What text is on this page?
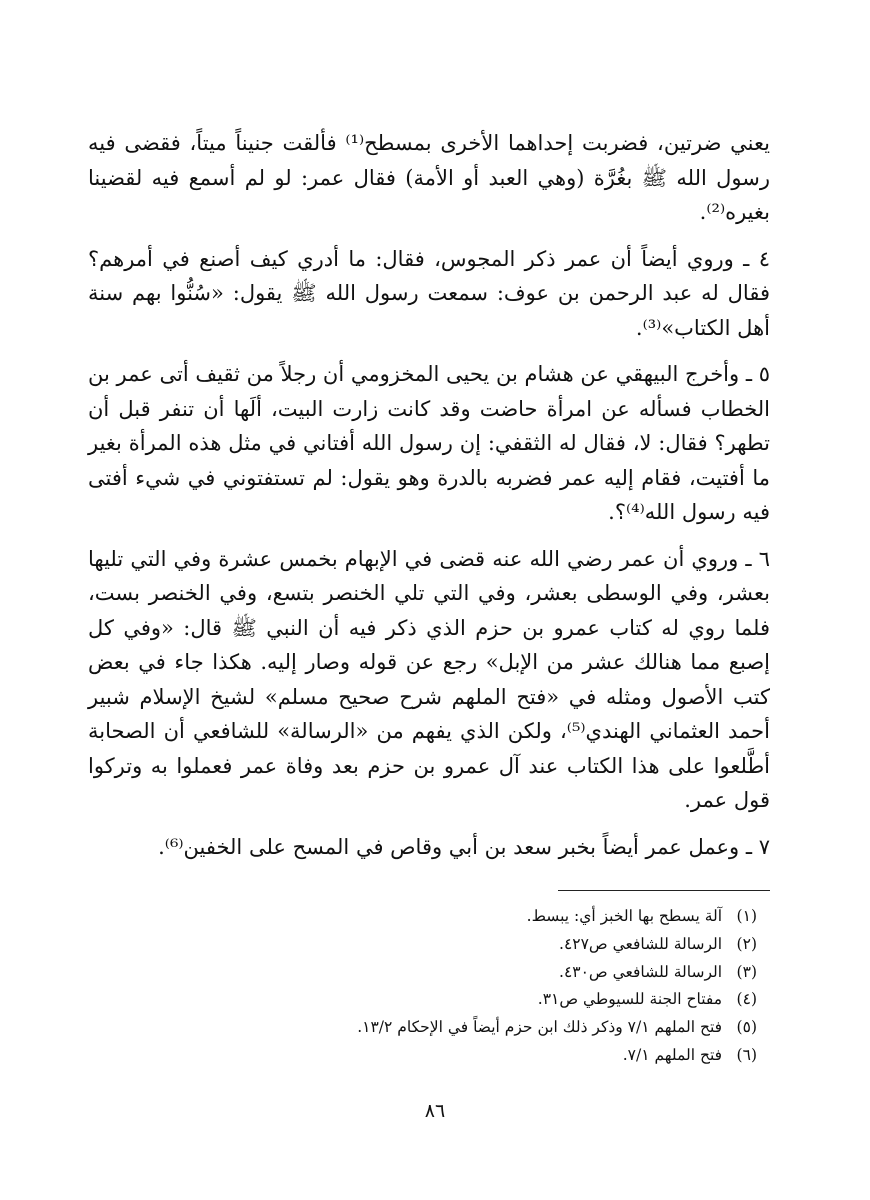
يعني ضرتين، فضربت إحداهما الأخرى بمسطح⁽¹⁾ فألقت جنيناً ميتاً، فقضى فيه رسول الله ﷺ بغُرَّة (وهي العبد أو الأمة) فقال عمر: لو لم أسمع فيه لقضينا بغيره⁽²⁾.

٤ ـ وروي أيضاً أن عمر ذكر المجوس، فقال: ما أدري كيف أصنع في أمرهم؟ فقال له عبد الرحمن بن عوف: سمعت رسول الله ﷺ يقول: «سُنُّوا بهم سنة أهل الكتاب»⁽³⁾.

٥ ـ وأخرج البيهقي عن هشام بن يحيى المخزومي أن رجلاً من ثقيف أتى عمر بن الخطاب فسأله عن امرأة حاضت وقد كانت زارت البيت، ألَها أن تنفر قبل أن تطهر؟ فقال: لا، فقال له الثقفي: إن رسول الله أفتاني في مثل هذه المرأة بغير ما أفتيت، فقام إليه عمر فضربه بالدرة وهو يقول: لم تستفتوني في شيء أفتى فيه رسول الله⁽⁴⁾؟.

٦ ـ وروي أن عمر رضي الله عنه قضى في الإبهام بخمس عشرة وفي التي تليها بعشر، وفي الوسطى بعشر، وفي التي تلي الخنصر بتسع، وفي الخنصر بست، فلما روي له كتاب عمرو بن حزم الذي ذكر فيه أن النبي ﷺ قال: «وفي كل إصبع مما هنالك عشر من الإبل» رجع عن قوله وصار إليه. هكذا جاء في بعض كتب الأصول ومثله في «فتح الملهم شرح صحيح مسلم» لشيخ الإسلام شبير أحمد العثماني الهندي⁽⁵⁾، ولكن الذي يفهم من «الرسالة» للشافعي أن الصحابة أطَّلعوا على هذا الكتاب عند آل عمرو بن حزم بعد وفاة عمر فعملوا به وتركوا قول عمر.

٧ ـ وعمل عمر أيضاً بخبر سعد بن أبي وقاص في المسح على الخفين⁽⁶⁾.

(١) آلة يسطح بها الخبز أي: يبسط.
(٢) الرسالة للشافعي ص٤٢٧.
(٣) الرسالة للشافعي ص٤٣٠.
(٤) مفتاح الجنة للسيوطي ص٣١.
(٥) فتح الملهم ٧/١ وذكر ذلك ابن حزم أيضاً في الإحكام ١٣/٢.
(٦) فتح الملهم ٧/١.
٨٦
